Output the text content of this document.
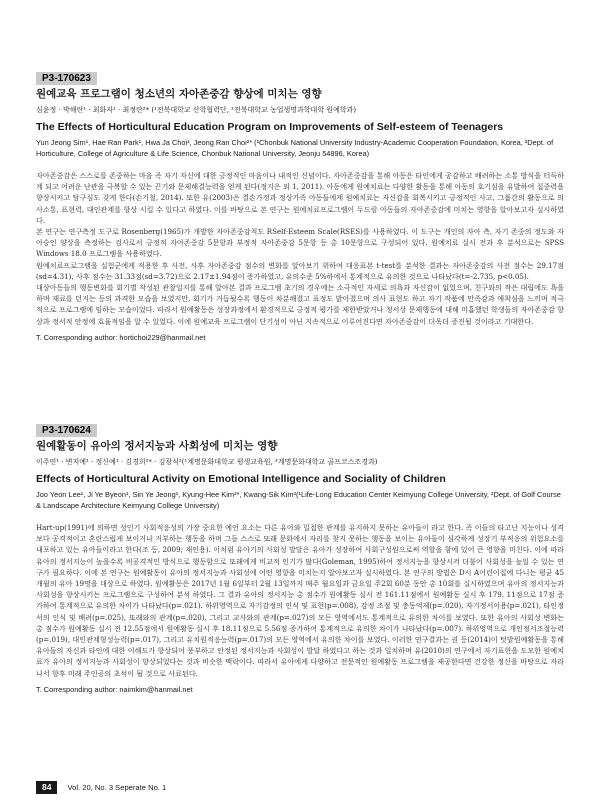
P3-170623
원예교육 프로그램이 청소년의 자아존중감 향상에 미치는 영향
심윤정 · 박해란¹ · 최화자¹ · 최정란²* (¹전북대학교 산학협력단, ²전북대학교 농업생명과학대학 원예학과)
The Effects of Horticultural Education Program on Improvements of Self-esteem of Teenagers
Yun Jeong Sim¹, Hae Ran Park¹, Hwa Ja Choi¹, Jeong Ran Choi²* (¹Chonbuk National University Industry-Academic Cooperation Foundation, Korea, ²Dept. of Horticulture, College of Agriculture & Life Science, Chonbuk National University, Jeonju 54896, Korea)

자아존중감은 스스로를 존중하는 마음 즉 자기 자신에 대한 긍정적인 마음이나 내적인 신념이다. 자아존중감을 통해 아동은 타인에게 공감하고 배려하는 소통 방식을 터득하게 되고 어려운 난관을 극복할 수 있는 끈기와 문제해결능력을 얻게 된다(정지은 외 1, 2011). 아동에게 원예치료는 다양한 활동을 통해 아동의 호기심을 유발하여 집중력을 향상시키고 탐구심도 갖게 한다(손기철, 2014). 또한 유(2003)은 결손가정과 정상가족 아동들에게 원예치료는 자신감을 회복시키고 긍정적인 사고, 그룹간의 활동으로 의사소통, 표현력, 대인관계를 향상 시킬 수 있다고 하였다. 이를 바탕으로 본 연구는 원예치료프로그램이 두드림 아동들의 자아존중감에 미치는 영향을 알아보고자 실시하였다.

본 연구는 연구측정 도구로 Rosenberg(1965)가 개발한 자아존중감척도 RSelf-Esteem Scale(RSES)를 사용하였다. 이 도구는 개인의 자아 측, 자기 존중의 정도와 자아승인 양상을 측정하는 검사로서 긍정적 자아존중감 5문항과 부정적 자아존중감 5문항 등 총 10문항으로 구성되어 있다. 원예치료 실시 전과 후 분석으로는 SPSS Windows 18.0 프로그램을 사용하였다.

원예치료프로그램을 실험군에게 적용한 후 사전, 사후 자아존중감 점수의 변화를 알아보기 위하여 대응표본 t-test를 분석한 결과는 자아존중감의 사전 점수는 29.17점(sd=4.31), 사후 점수는 31.33점(sd=3.72)으로 2.17±1.94점이 증가하였고, 유의수준 5%하에서 통계적으로 유의한 것으로 나타났다(t=-2.735, p<0.05).

대상아동들의 행동변화를 회기별 작성된 관찰일지를 통해 알아본 결과 프로그램 초기의 경우에는 소극적인 자세로 의욕과 자신감이 없었으며, 친구와의 작은 대립에도 욕을 하며 재료를 던지는 등의 과격한 모습을 보였지만, 회기가 거듭될수록 행동이 차분해졌고 표정도 밝아졌으며 의사 표현도 하고 자기 작품에 만족감과 애착심을 느끼며 적극적으로 프로그램에 임하는 모습이었다. 따라서 원예활동은 성장과정에서 환경적으로 긍정적 평가를 제한받았거나 청서상 문제행동에 대해 미흡했던 학생들의 자아존중감 향상과 정서적 안정에 효율적임을 알 수 있었다. 이에 원예교육 프로그램이 단기성이 아닌 지속적으로 이루어진다면 자아존중감이 더욱더 증진될 것이라고 기대한다.

T. Corresponding author: hortichoi229@hanmail.net
P3-170624
원예활동이 유아의 정서지능과 사회성에 미치는 영향
이주연¹ · 변지예¹ · 정신예¹ · 김경희²* · 김광식²(¹계명문화대학교 평생교육원, ²계명문화대학교 골프코스조경과)
Effects of Horticultural Activity on Emotional Intelligence and Sociality of Children
Joo Yeon Lee¹, Ji Ye Byeon¹, Sin Ye Jeong¹, Kyung-Hee Kim²*, Kwang-Sik Kim²(¹Life-Long Education Center Keimyung College University, ²Dept. of Golf Course & Landscape Architecture Keimyung College University)

Hart-up(1991)에 의하면 성인기 사회적응성의 가장 중요한 예언 요소는 다른 유아와 밀접한 관계를 유지하지 못하는 유아들이 라고 한다. 즉 이들의 타고난 지능이나 성격보다 공격적이고 혼란스럽게 보이거나 거부하는 행동을 하며 그들 스스로 또래 문화에서 자리를 찾지 못하는 행동을 보이는 유아들이 심각하게 성장기 부적응의 위험요소를 내포하고 있는 유아들이라고 한다(조 등, 2009; 재인용). 이처럼 유아기의 사회성 발달은 유아가 성장하여 사회구성원으로써 역할을 함에 있어 큰 영향을 미친다. 이에 따라 유아의 정서지능이 높을수록 비공격적인 방식으로 행동함으로 또래에게 비교적 인기가 많다(Goleman, 1995)하여 정서지능을 향상시켜 더불어 사회성을 높일 수 있는 연구가 필요하다. 이에 본 연구는 원예활동이 유아의 정서지능과 사회성에 어떤 영향을 미치는지 알아보고자 실시하였다. 본 연구의 방법은 D시 A어린이집에 다니는 평균 45개월의 유아 19명을 대상으로 하였다. 원예활동은 2017년 1월 6일부터 2월 13일까지 매주 월요일과 금요일 주2회 60분 동안 총 10회를 실시하였으며 유아의 정서지능과 사회성을 향상시키는 프로그램으로 구성하여 분석 하였다. 그 결과 유아의 정서지능 총 점수가 원예활동 실시 전 161.11점에서 원예활동 실시 후 179. 11점으로 17점 증가하여 통계적으로 유의한 차이가 나타났다(p=.021). 하위영역으로 자기감정의 인식 및 표현(p=.008), 감정 조절 및 충동억제(p=.020), 자기정서이용(p=.021), 타인정서의 인식 및 배려(p=.025), 또래와의 관계(p=.020), 그리고 교사와의 관계(p=.027)의 모든 영역에서도 통계적으로 유의한 차이를 보였다. 또한 유아의 사회성 변화는 총 점수가 원예활동 실시 전 12.55점에서 원예활동 실시 후 18.11점으로 5.56점 증가하여 통계적으로 유의한 차이가 나타났다(p=.007). 하위영역으로 개인정서조절능력(p=.019), 대인관계형성능력(p=.017), 그리고 유치원적응능력(p=.017)의 모든 영역에서 유의한 차이를 보였다. 이러한 연구결과는 권 등(2014)이 텃밭원예활동을 통해 유아들의 자신과 타인에 대한 이해도가 향상되어 풍부하고 안정된 정서지능과 사회성이 발달 하였다고 하는 것과 일치하며 유(2010)의 연구에서 자기표현을 도모한 원예치료가 유아의 정서지능과 사회성이 향상되었다는 것과 비슷한 맥락이다. 따라서 유아에게 다양하고 전문적인 원예활동 프로그램을 제공한다면 건강한 정신을 바탕으로 자라나서 향후 미래 주인공의 초석이 될 것으로 사료된다.

T. Corresponding author: naimkim@hanmail.net
84	Vol. 20, No. 3 Seperate No. 1
